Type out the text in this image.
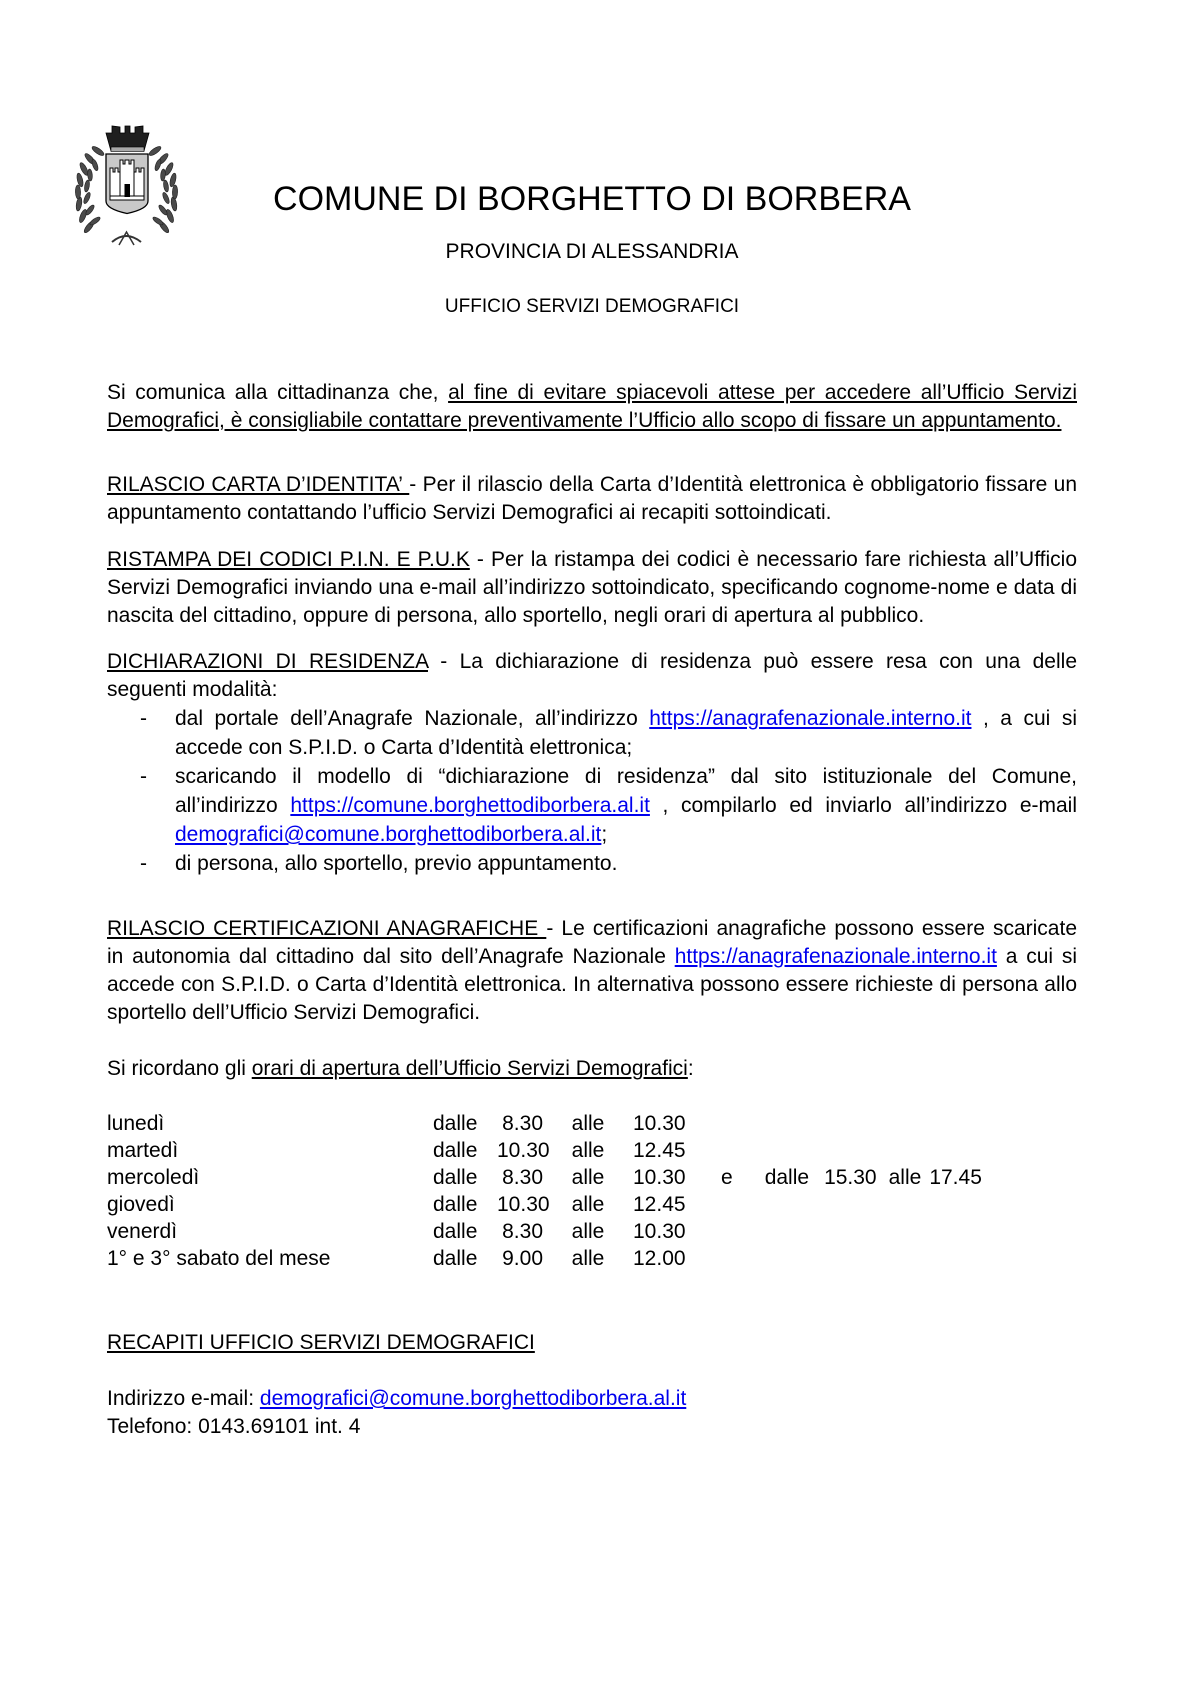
COMUNE DI BORGHETTO DI BORBERA
PROVINCIA DI ALESSANDRIA
UFFICIO SERVIZI DEMOGRAFICI

Si comunica alla cittadinanza che, al fine di evitare spiacevoli attese per accedere all’Ufficio Servizi Demografici, è consigliabile contattare preventivamente l’Ufficio allo scopo di fissare un appuntamento.

RILASCIO CARTA D’IDENTITA’ - Per il rilascio della Carta d’Identità elettronica è obbligatorio fissare un appuntamento contattando l’ufficio Servizi Demografici ai recapiti sottoindicati.

RISTAMPA DEI CODICI P.I.N. E P.U.K - Per la ristampa dei codici è necessario fare richiesta all’Ufficio Servizi Demografici inviando una e-mail all’indirizzo sottoindicato, specificando cognome-nome e data di nascita del cittadino, oppure di persona, allo sportello, negli orari di apertura al pubblico.

DICHIARAZIONI DI RESIDENZA - La dichiarazione di residenza può essere resa con una delle seguenti modalità:

-	dal portale dell’Anagrafe Nazionale, all’indirizzo https://anagrafenazionale.interno.it , a cui si accede con S.P.I.D. o Carta d’Identità elettronica;
-	scaricando il modello di “dichiarazione di residenza” dal sito istituzionale del Comune, all’indirizzo https://comune.borghettodiborbera.al.it , compilarlo ed inviarlo all’indirizzo e-mail demografici@comune.borghettodiborbera.al.it;
-	di persona, allo sportello, previo appuntamento.

RILASCIO CERTIFICAZIONI ANAGRAFICHE - Le certificazioni anagrafiche possono essere scaricate in autonomia dal cittadino dal sito dell’Anagrafe Nazionale https://anagrafenazionale.interno.it a cui si accede con S.P.I.D. o Carta d’Identità elettronica. In alternativa possono essere richieste di persona allo sportello dell’Ufficio Servizi Demografici.

Si ricordano gli orari di apertura dell’Ufficio Servizi Demografici:

lunedì	dalle	8.30	alle	10.30
martedì	dalle 10.30	alle	12.45
mercoledì	dalle	8.30	alle	10.30	e dalle 15.30 alle 17.45
giovedì	dalle 10.30	alle	12.45
venerdì	dalle	8.30	alle	10.30
1° e 3° sabato del mese	dalle	9.00	alle	12.00

RECAPITI UFFICIO SERVIZI DEMOGRAFICI

Indirizzo e-mail: demografici@comune.borghettodiborbera.al.it

Telefono: 0143.69101 int. 4
